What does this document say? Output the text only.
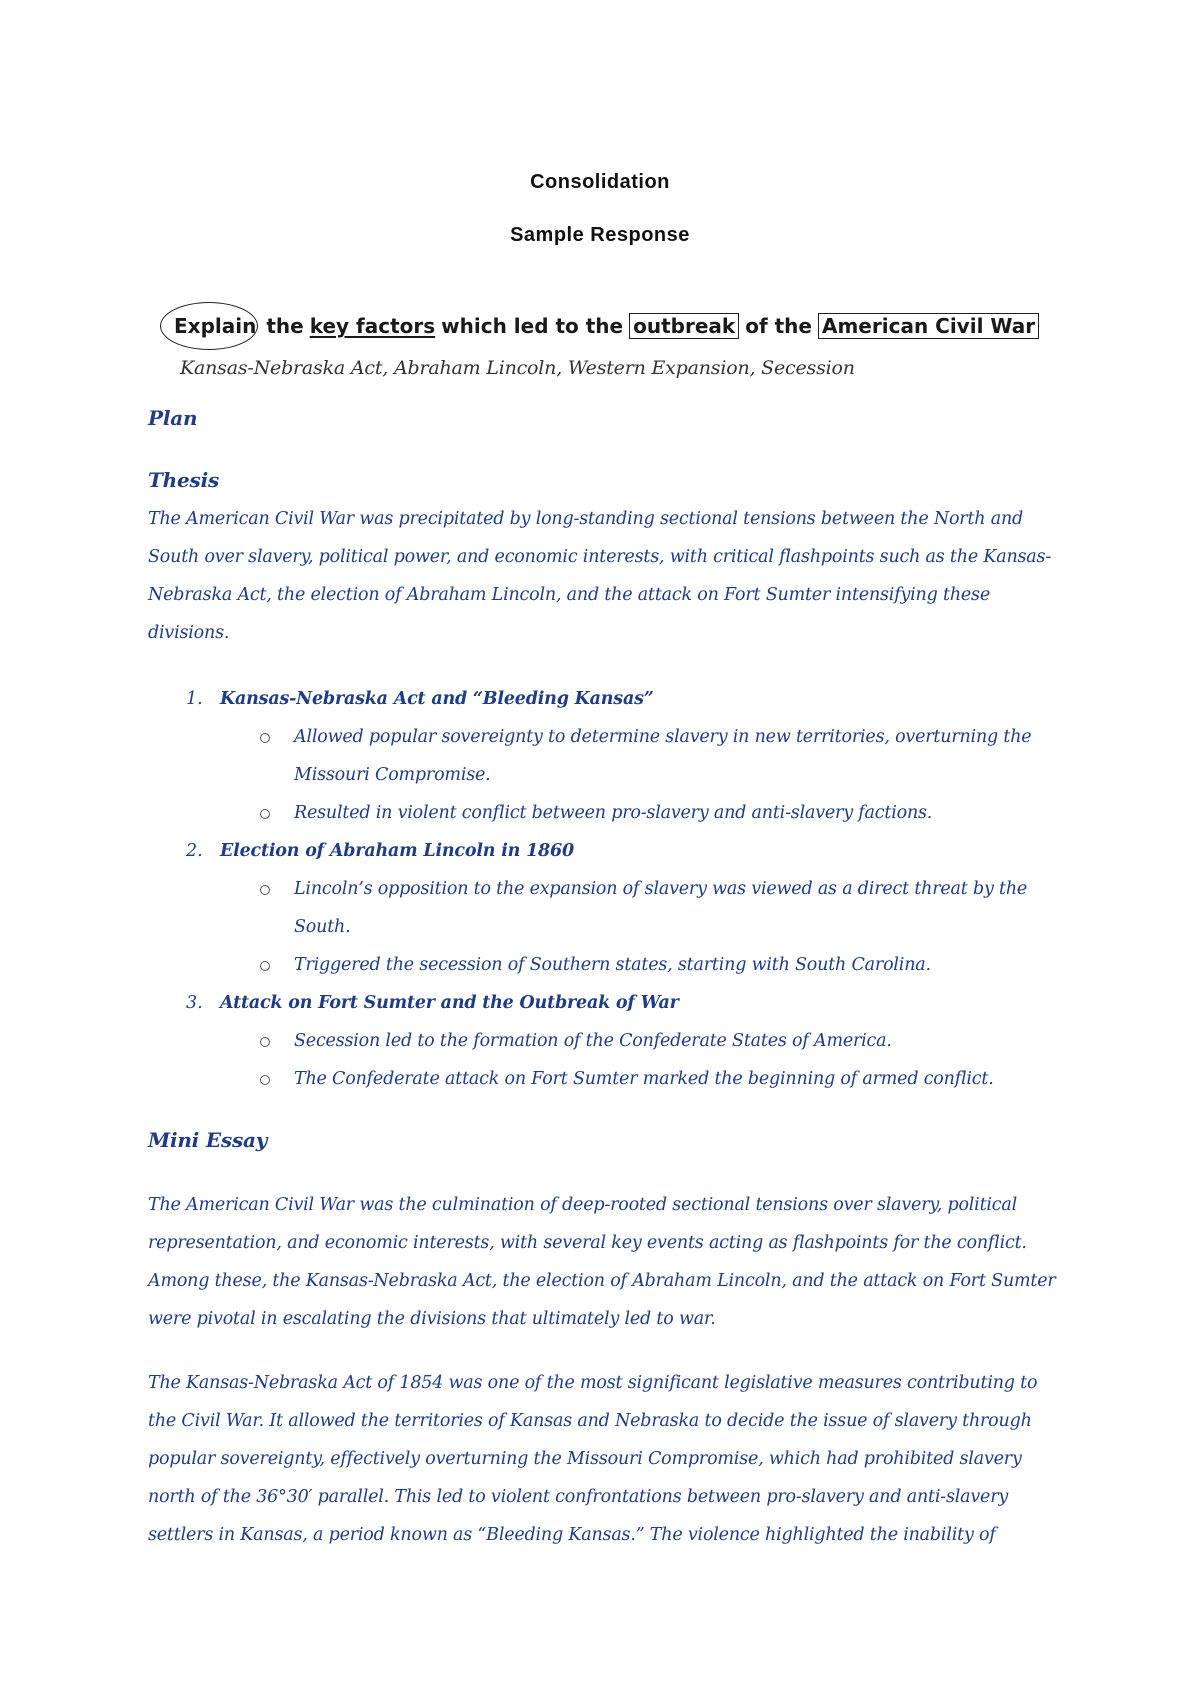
Consolidation
Sample Response
Explain the key factors which led to the outbreak of the American Civil War
Kansas-Nebraska Act, Abraham Lincoln, Western Expansion, Secession
Plan
Thesis

The American Civil War was precipitated by long-standing sectional tensions between the North and South over slavery, political power, and economic interests, with critical flashpoints such as the Kansas-Nebraska Act, the election of Abraham Lincoln, and the attack on Fort Sumter intensifying these divisions.

1. Kansas-Nebraska Act and “Bleeding Kansas”
Allowed popular sovereignty to determine slavery in new territories, overturning the Missouri Compromise.
Resulted in violent conflict between pro-slavery and anti-slavery factions.
2. Election of Abraham Lincoln in 1860
Lincoln’s opposition to the expansion of slavery was viewed as a direct threat by the South.
Triggered the secession of Southern states, starting with South Carolina.
3. Attack on Fort Sumter and the Outbreak of War
Secession led to the formation of the Confederate States of America.
The Confederate attack on Fort Sumter marked the beginning of armed conflict.
Mini Essay

The American Civil War was the culmination of deep-rooted sectional tensions over slavery, political representation, and economic interests, with several key events acting as flashpoints for the conflict. Among these, the Kansas-Nebraska Act, the election of Abraham Lincoln, and the attack on Fort Sumter were pivotal in escalating the divisions that ultimately led to war.

The Kansas-Nebraska Act of 1854 was one of the most significant legislative measures contributing to the Civil War. It allowed the territories of Kansas and Nebraska to decide the issue of slavery through popular sovereignty, effectively overturning the Missouri Compromise, which had prohibited slavery north of the 36°30′ parallel. This led to violent confrontations between pro-slavery and anti-slavery settlers in Kansas, a period known as “Bleeding Kansas.” The violence highlighted the inability of
